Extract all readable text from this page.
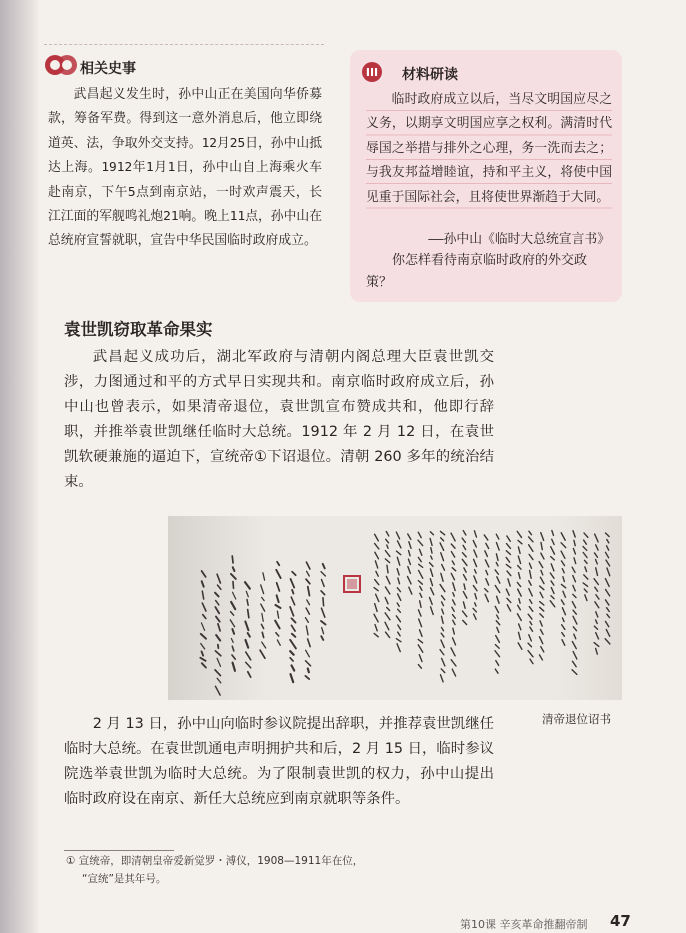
相关史事
武昌起义发生时，孙中山正在美国向华侨募款，筹备军费。得到这一意外消息后，他立即绕道英、法，争取外交支持。12月25日，孙中山抵达上海。1912年1月1日，孙中山自上海乘火车赴南京，下午5点到南京站，一时欢声震天，长江江面的军舰鸣礼炮21响。晚上11点，孙中山在总统府宣誓就职，宣告中华民国临时政府成立。
III 材料研读
临时政府成立以后，当尽文明国应尽之义务，以期享文明国应享之权利。满清时代辱国之举措与排外之心理，务一洗而去之；与我友邦益增睦谊，持和平主义，将使中国见重于国际社会，且将使世界渐趋于大同。
——孙中山《临时大总统宣言书》
你怎样看待南京临时政府的外交政策？
袁世凯窃取革命果实
武昌起义成功后，湖北军政府与清朝内阁总理大臣袁世凯交涉，力图通过和平的方式早日实现共和。南京临时政府成立后，孙中山也曾表示，如果清帝退位，袁世凯宣布赞成共和，他即行辞职，并推举袁世凯继任临时大总统。1912 年 2 月 12 日，在袁世凯软硬兼施的逼迫下，宣统帝①下诏退位。清朝 260 多年的统治结束。
清帝退位诏书
2 月 13 日，孙中山向临时参议院提出辞职，并推荐袁世凯继任临时大总统。在袁世凯通电声明拥护共和后，2 月 15 日，临时参议院选举袁世凯为临时大总统。为了限制袁世凯的权力，孙中山提出临时政府设在南京、新任大总统应到南京就职等条件。
① 宣统帝，即清朝皇帝爱新觉罗・溥仪，1908—1911年在位，
“宣统”是其年号。
第10课 辛亥革命推翻帝制 47
